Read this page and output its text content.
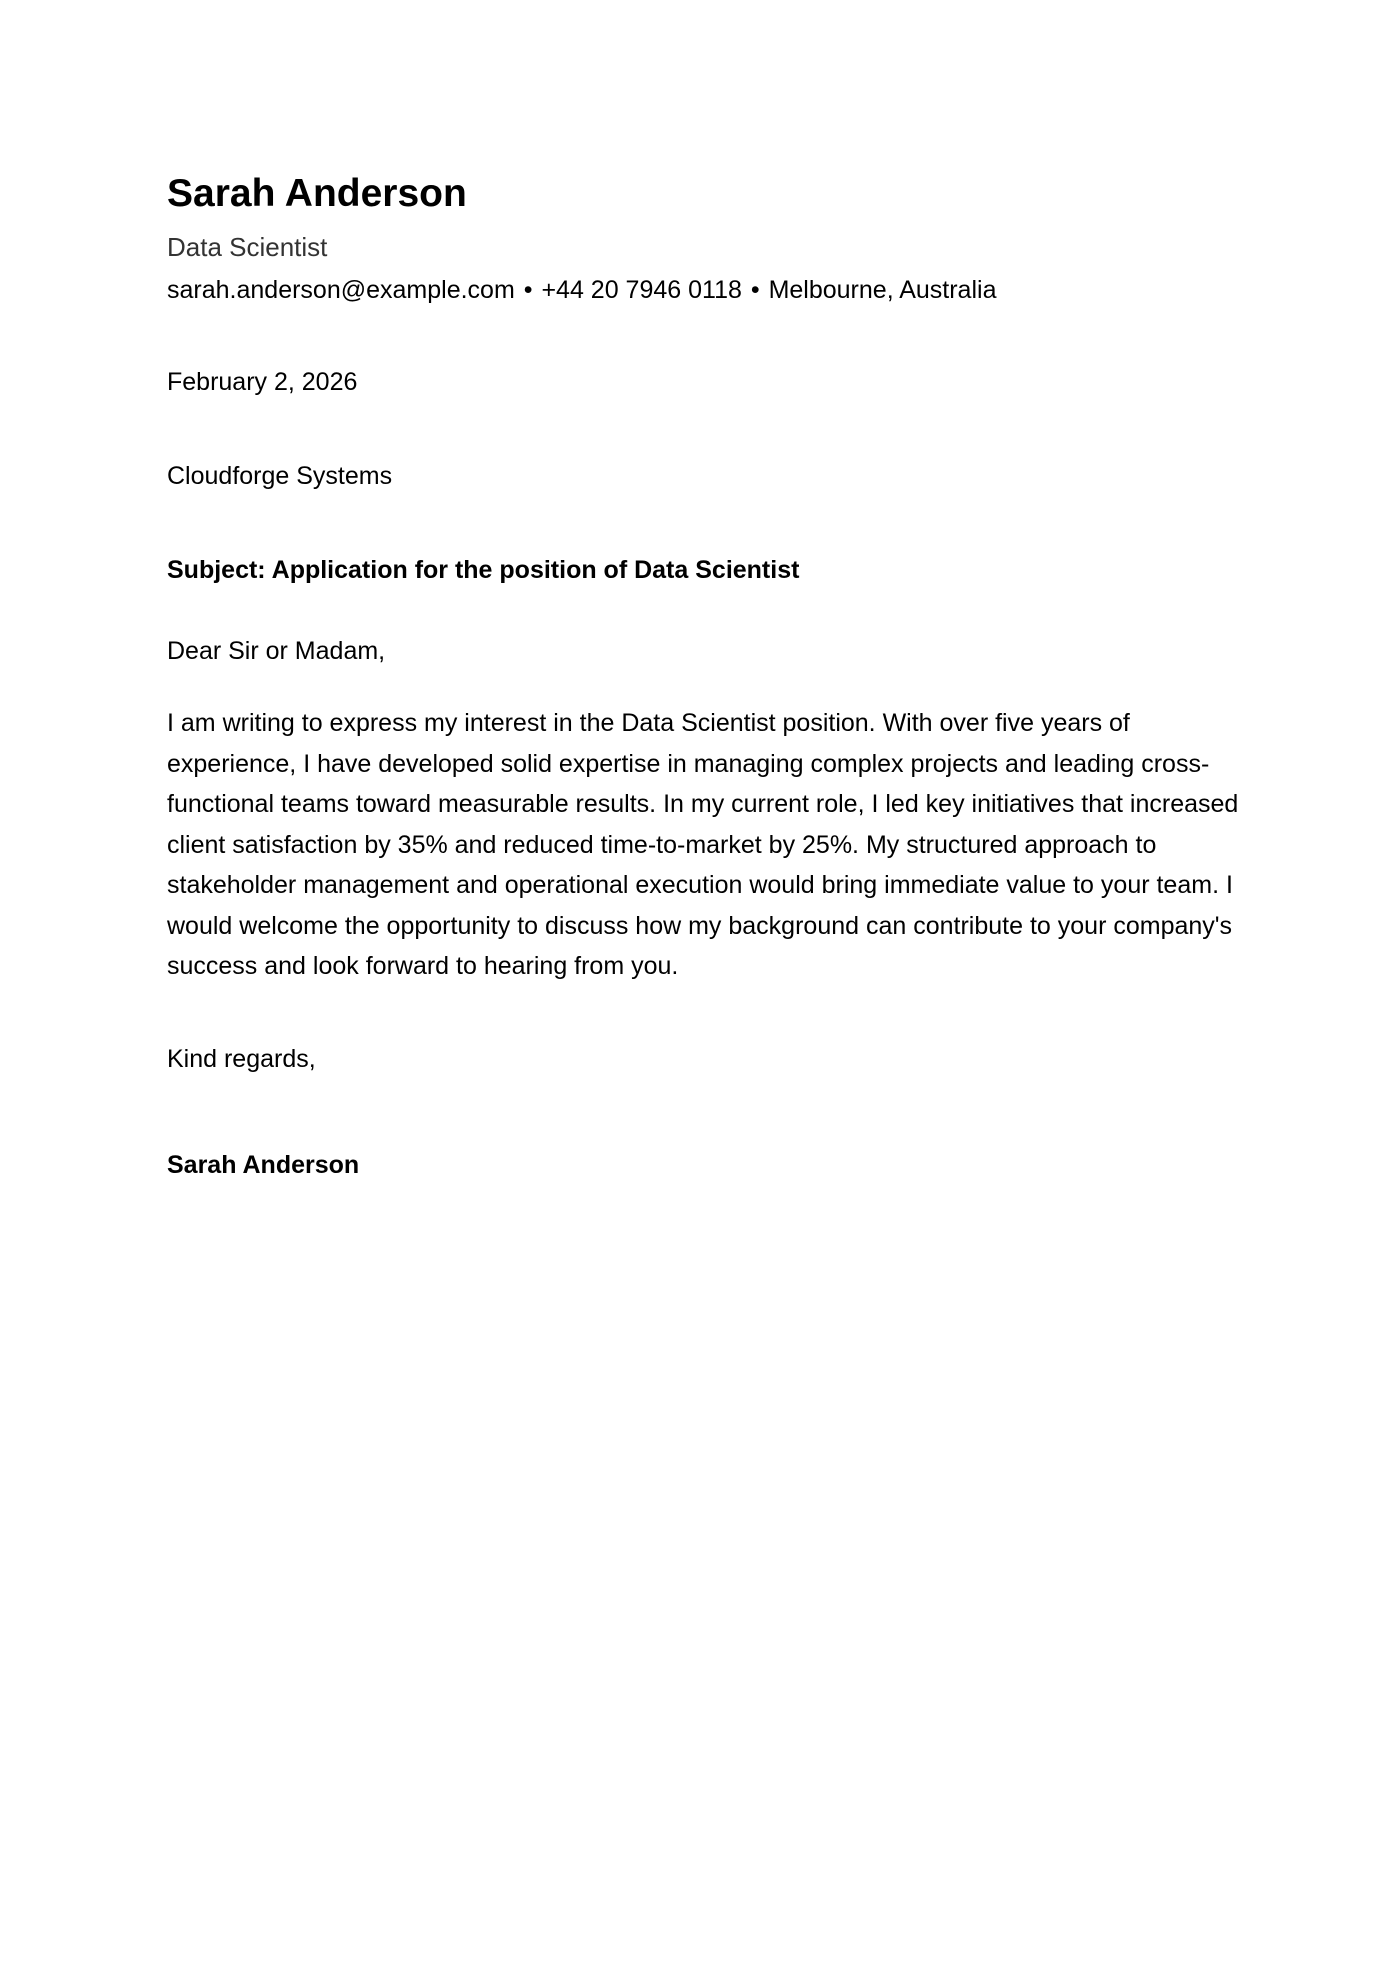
Sarah Anderson
Data Scientist
sarah.anderson@example.com • +44 20 7946 0118 • Melbourne, Australia
February 2, 2026
Cloudforge Systems
Subject: Application for the position of Data Scientist
Dear Sir or Madam,

I am writing to express my interest in the Data Scientist position. With over five years of experience, I have developed solid expertise in managing complex projects and leading cross-functional teams toward measurable results. In my current role, I led key initiatives that increased client satisfaction by 35% and reduced time-to-market by 25%. My structured approach to stakeholder management and operational execution would bring immediate value to your team. I would welcome the opportunity to discuss how my background can contribute to your company's success and look forward to hearing from you.

Kind regards,
Sarah Anderson
